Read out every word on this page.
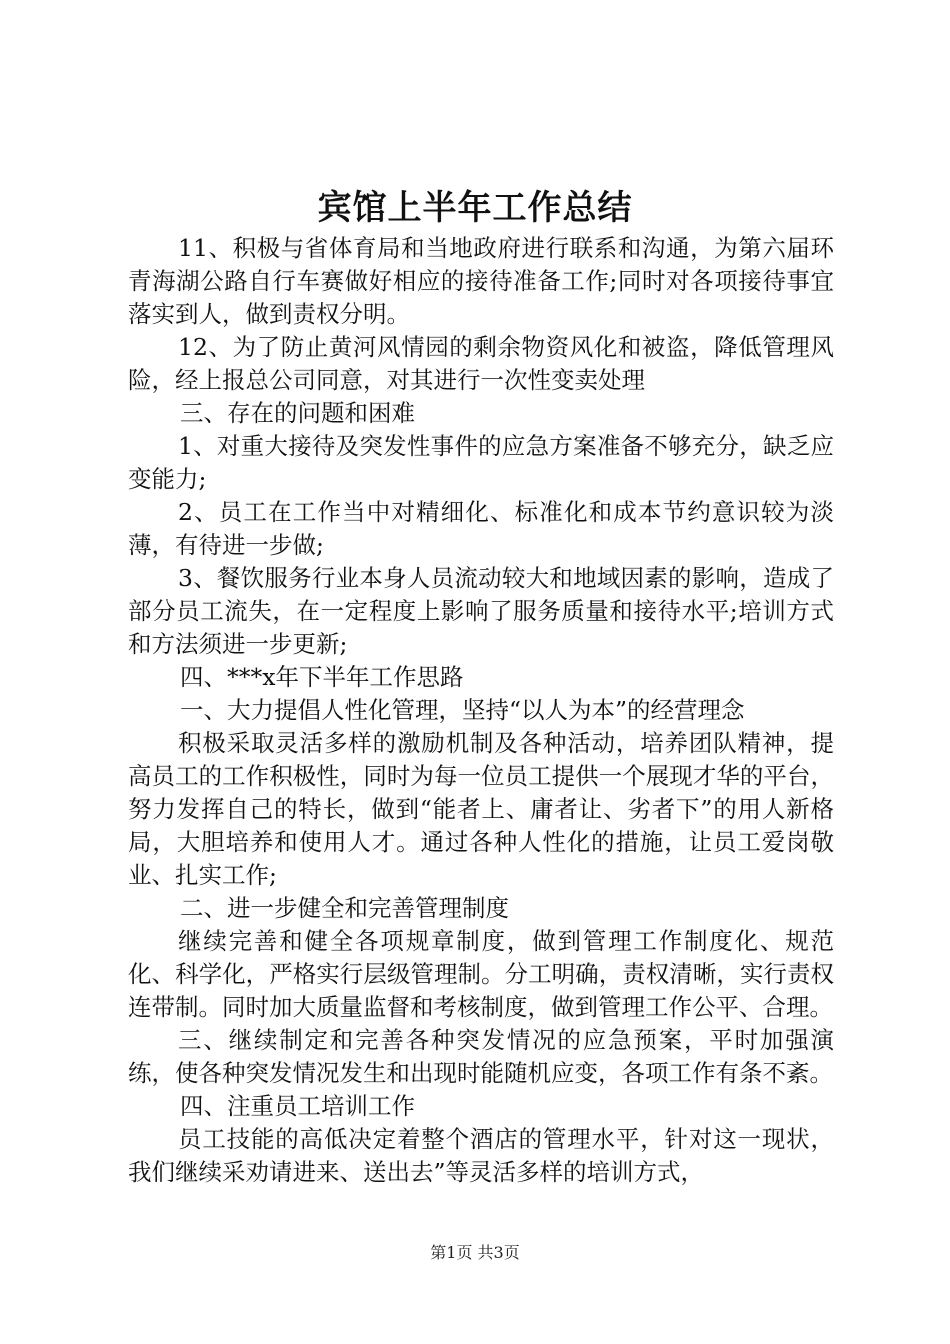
宾馆上半年工作总结

11、积极与省体育局和当地政府进行联系和沟通，为第六届环青海湖公路自行车赛做好相应的接待准备工作;同时对各项接待事宜落实到人，做到责权分明。

12、为了防止黄河风情园的剩余物资风化和被盗，降低管理风险，经上报总公司同意，对其进行一次性变卖处理

三、存在的问题和困难

1、对重大接待及突发性事件的应急方案准备不够充分，缺乏应变能力;

2、员工在工作当中对精细化、标准化和成本节约意识较为淡薄，有待进一步做;

3、餐饮服务行业本身人员流动较大和地域因素的影响，造成了部分员工流失，在一定程度上影响了服务质量和接待水平;培训方式和方法须进一步更新;

四、***x年下半年工作思路

一、大力提倡人性化管理，坚持“以人为本”的经营理念

积极采取灵活多样的激励机制及各种活动，培养团队精神，提高员工的工作积极性，同时为每一位员工提供一个展现才华的平台，努力发挥自己的特长，做到“能者上、庸者让、劣者下”的用人新格局，大胆培养和使用人才。通过各种人性化的措施，让员工爱岗敬业、扎实工作;

二、进一步健全和完善管理制度

继续完善和健全各项规章制度，做到管理工作制度化、规范化、科学化，严格实行层级管理制。分工明确，责权清晰，实行责权连带制。同时加大质量监督和考核制度，做到管理工作公平、合理。

三、继续制定和完善各种突发情况的应急预案，平时加强演练，使各种突发情况发生和出现时能随机应变，各项工作有条不紊。

四、注重员工培训工作

员工技能的高低决定着整个酒店的管理水平，针对这一现状，我们继续采劝请进来、送出去”等灵活多样的培训方式，

第1页 共3页
